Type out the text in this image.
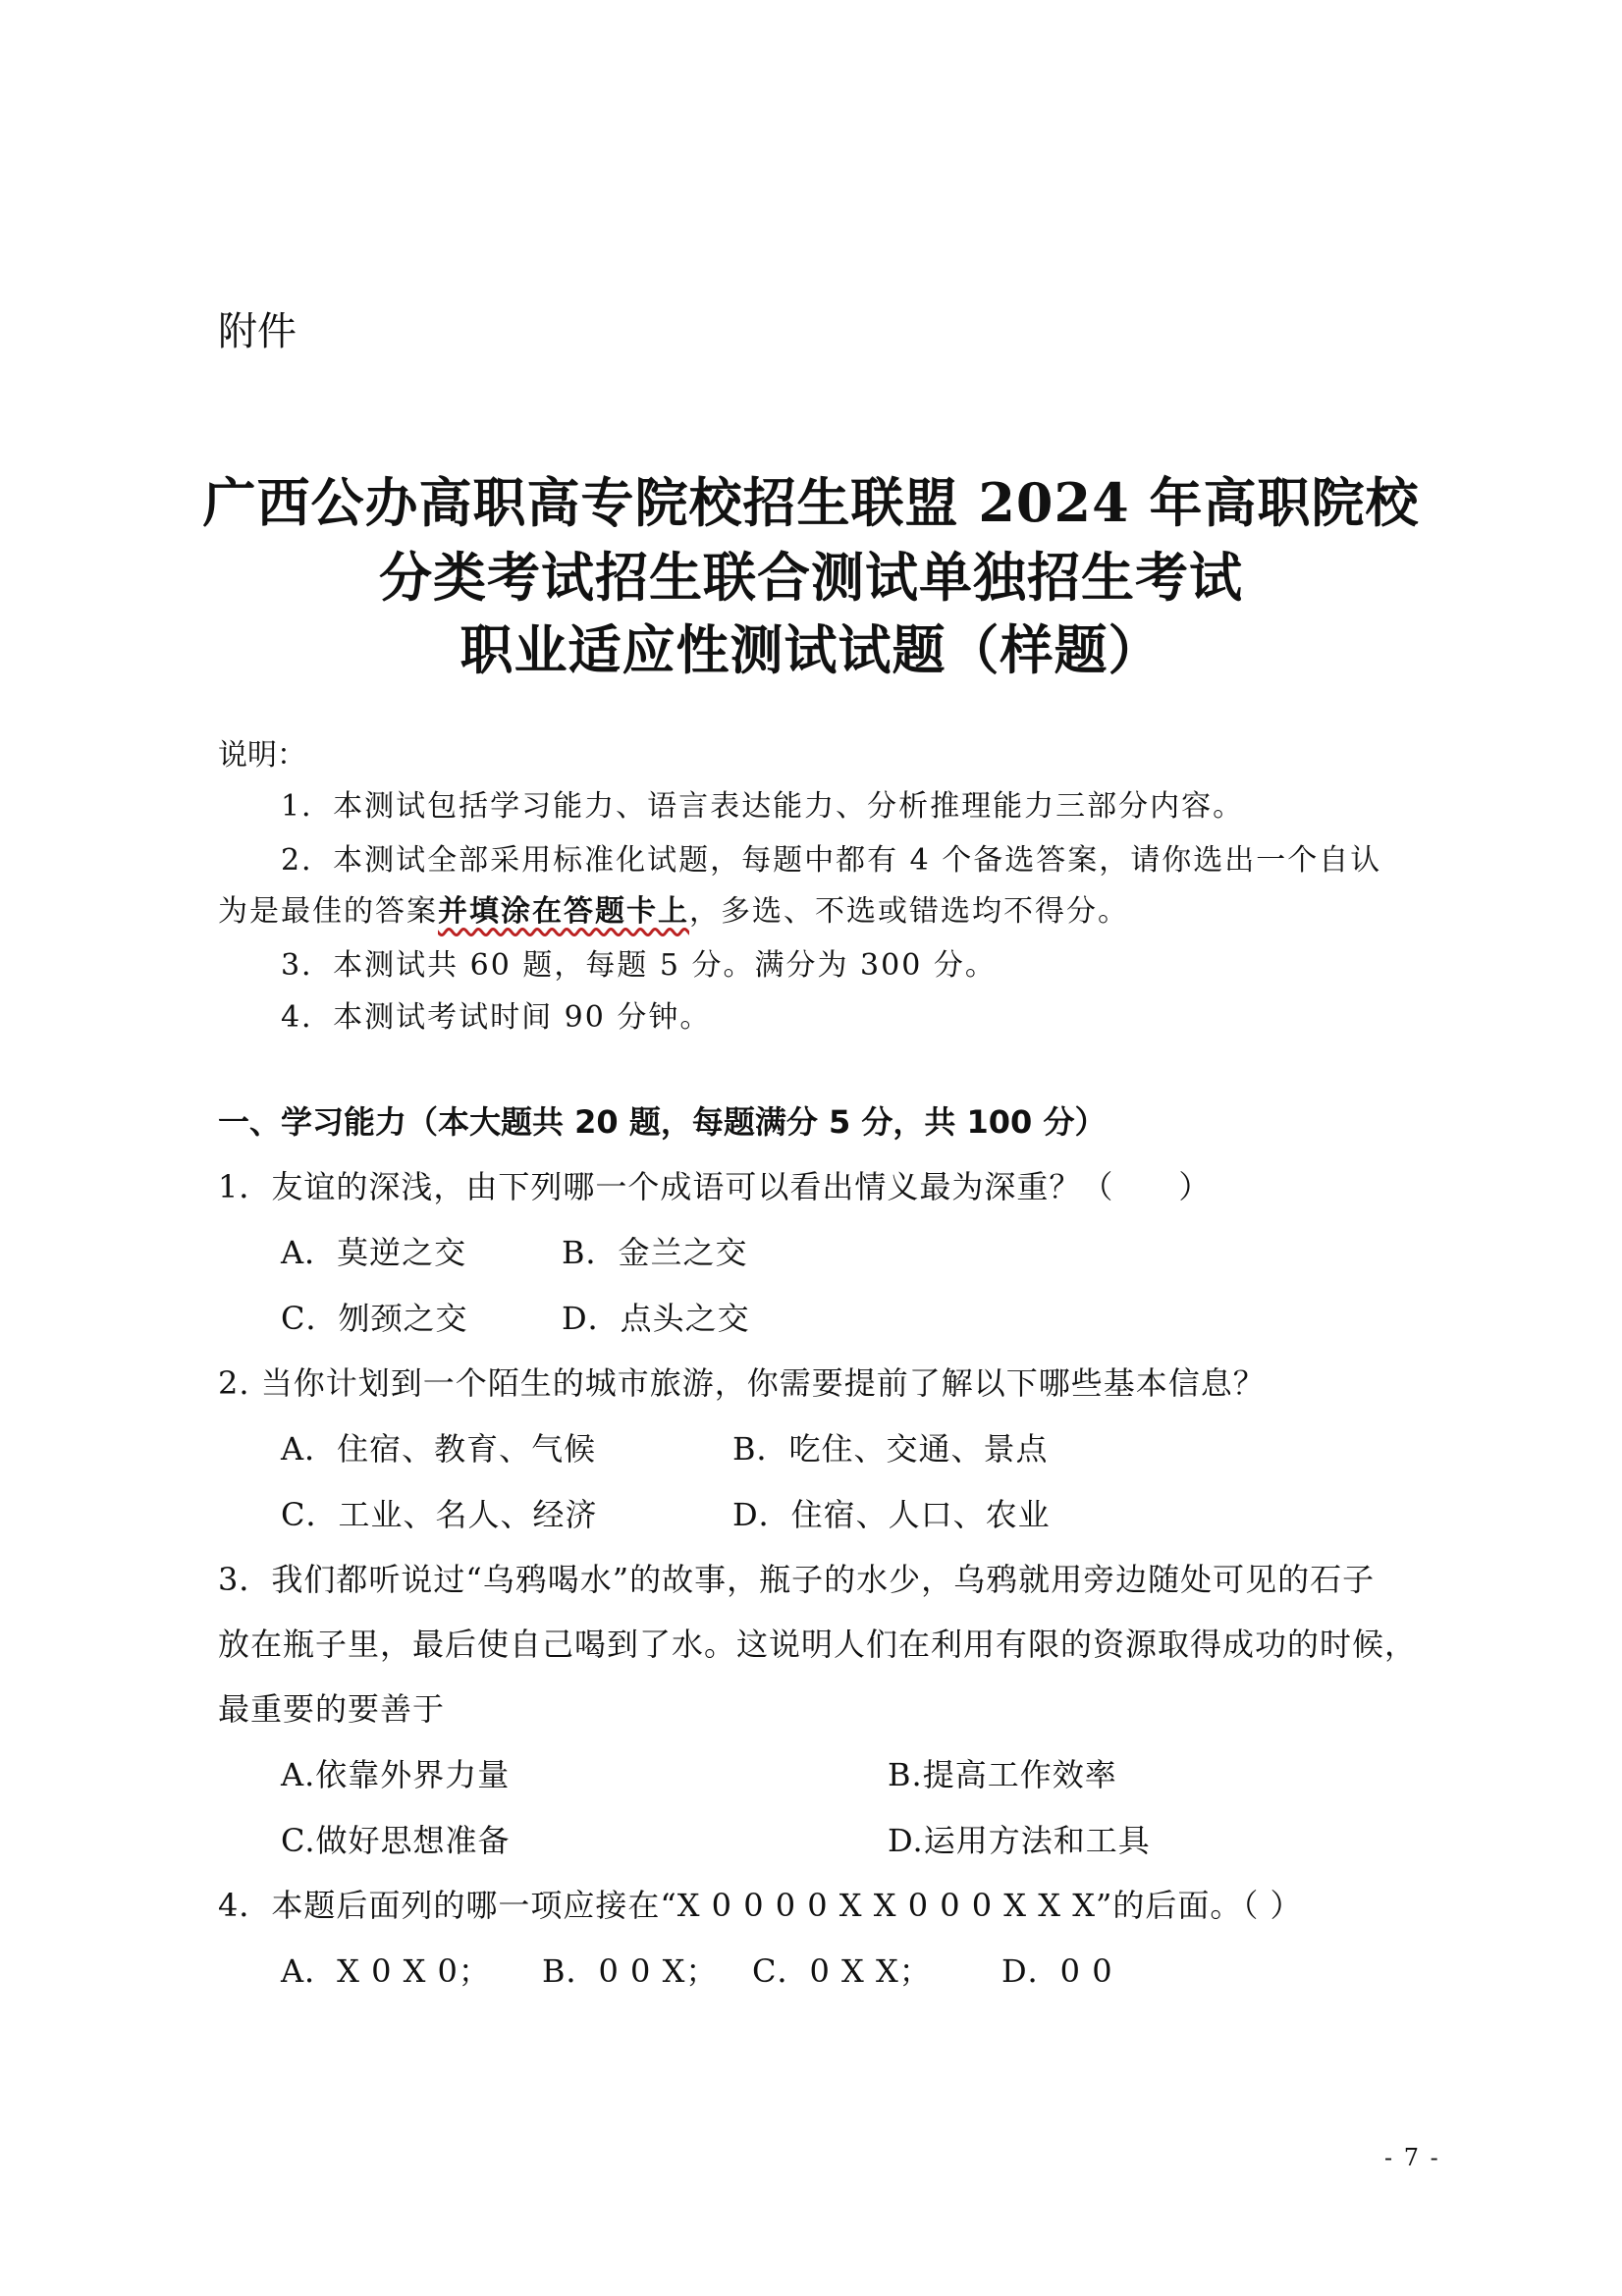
附件
广西公办高职高专院校招生联盟 2024 年高职院校
分类考试招生联合测试单独招生考试
职业适应性测试试题（样题）
说明：
1．本测试包括学习能力、语言表达能力、分析推理能力三部分内容。
2．本测试全部采用标准化试题，每题中都有 4 个备选答案，请你选出一个自认
为是最佳的答案并填涂在答题卡上，多选、不选或错选均不得分。
3．本测试共 60 题，每题 5 分。满分为 300 分。
4．本测试考试时间 90 分钟。
一、学习能力（本大题共 20 题，每题满分 5 分，共 100 分）
1．友谊的深浅，由下列哪一个成语可以看出情义最为深重？（　　）
A．莫逆之交	B．金兰之交
C．刎颈之交	D．点头之交
2. 当你计划到一个陌生的城市旅游，你需要提前了解以下哪些基本信息？
A．住宿、教育、气候	B．吃住、交通、景点
C．工业、名人、经济	D．住宿、人口、农业
3．我们都听说过“乌鸦喝水”的故事，瓶子的水少，乌鸦就用旁边随处可见的石子
放在瓶子里，最后使自己喝到了水。这说明人们在利用有限的资源取得成功的时候，
最重要的要善于
A.依靠外界力量	B.提高工作效率
C.做好思想准备	D.运用方法和工具
4．本题后面列的哪一项应接在“X 0 0 0 0 X X 0 0 0 X X X”的后面。（ ）
A．X 0 X 0； B．0 0 X； C．0 X X； D．0 0
- 7 -
